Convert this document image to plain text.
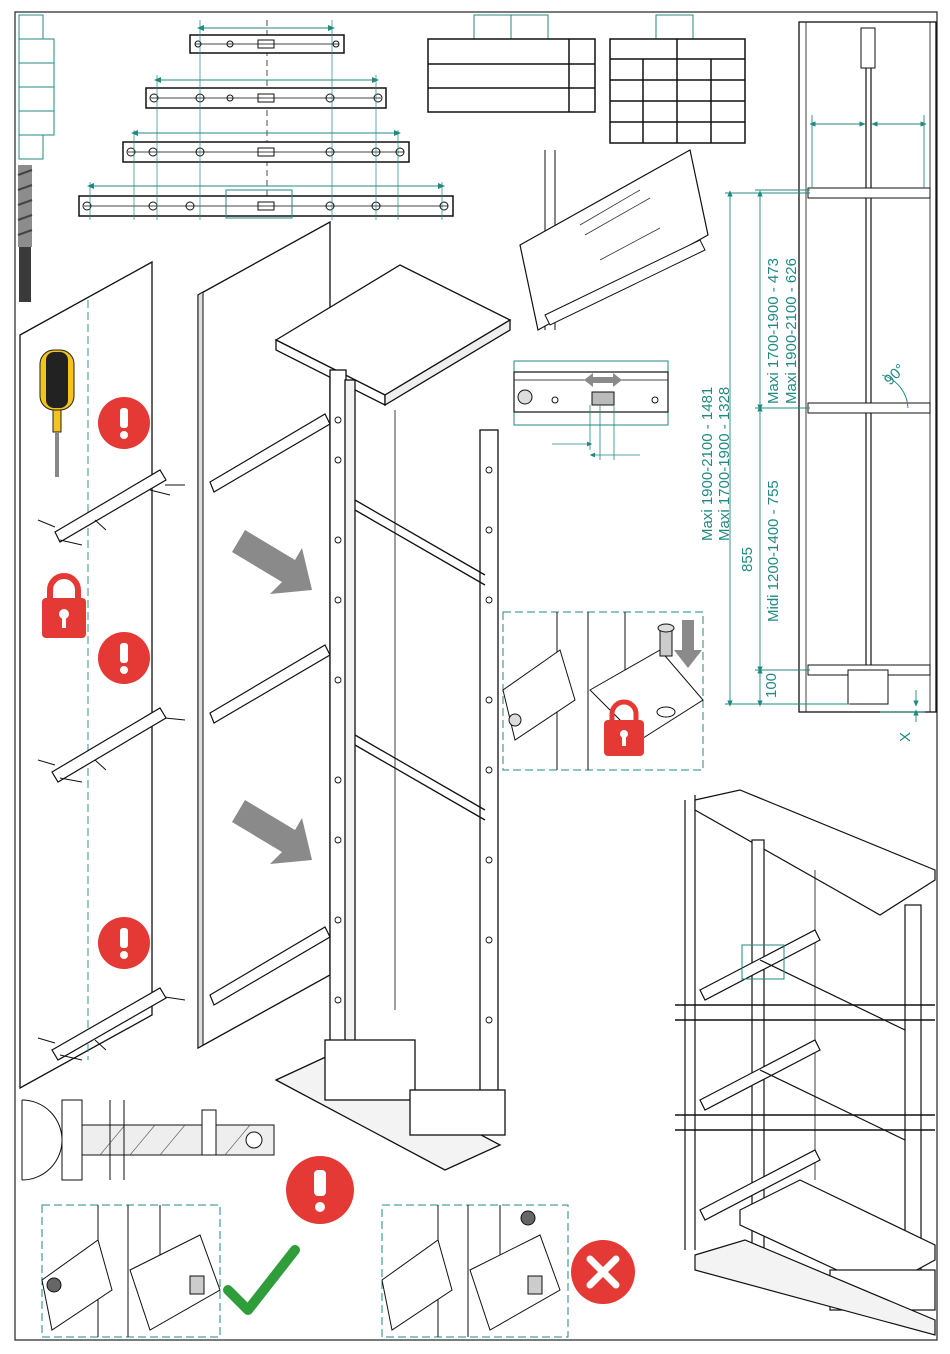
Maxi 1700-1900 - 473 Maxi 1900-2100 - 626
Maxi 1900-2100 - 1481 Maxi 1700-1900 - 1328
Midi 1200-1400 - 755
855
100
90°
X
